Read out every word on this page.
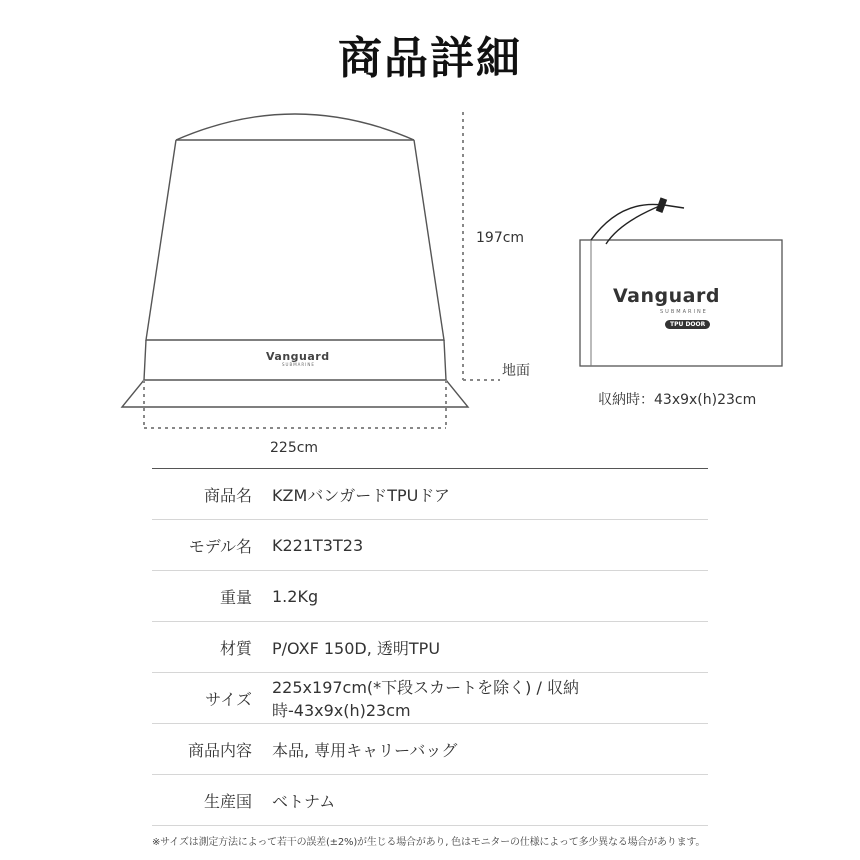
商品詳細
Vanguard
SUBMARINE
Vanguard
SUBMARINE
TPU DOOR
197cm
地面
225cm
収納時：43x9x(h)23cm
商品名	KZMバンガードTPUドア
モデル名	K221T3T23
重量	1.2Kg
材質	P/OXF 150D, 透明TPU
サイズ	225x197cm(*下段スカートを除く) / 収納時-43x9x(h)23cm
商品内容	本品, 専用キャリーバッグ
生産国	ベトナム
※サイズは測定方法によって若干の誤差(±2%)が生じる場合があり, 色はモニターの仕様によって多少異なる場合があります。
